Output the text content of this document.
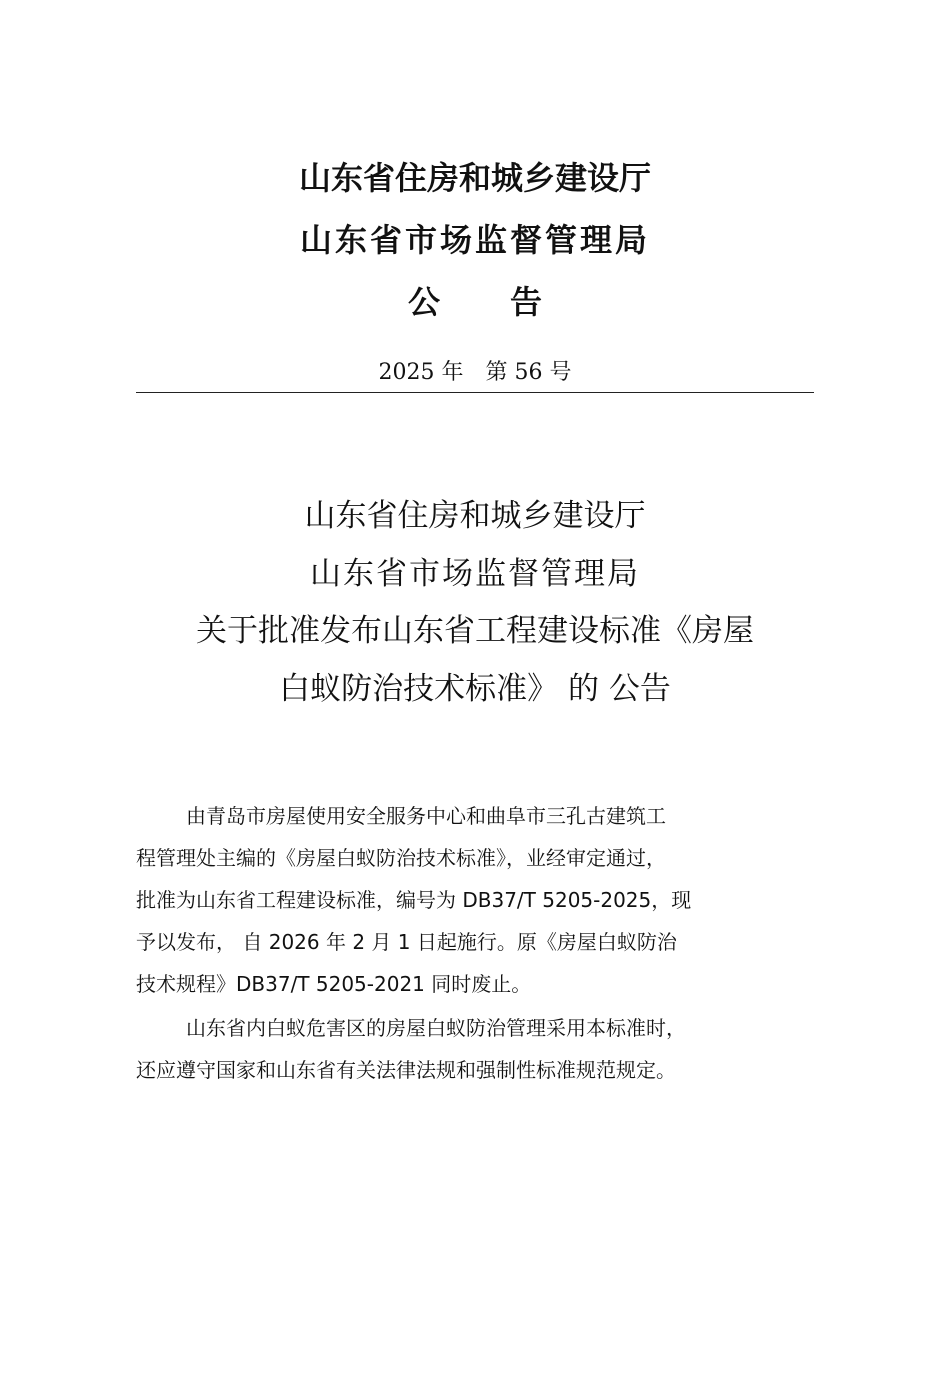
山东省住房和城乡建设厅
山东省市场监督管理局
公 告
2025 年 第 56 号
山东省住房和城乡建设厅
山东省市场监督管理局
关于批准发布山东省工程建设标准《房屋
白蚁防治技术标准》 的 公告
由青岛市房屋使用安全服务中心和曲阜市三孔古建筑工
程管理处主编的《房屋白蚁防治技术标准》，业经审定通过，
批准为山东省工程建设标准，编号为 DB37/T 5205-2025，现
予以发布， 自 2026 年 2 月 1 日起施行。原《房屋白蚁防治
技术规程》DB37/T 5205-2021 同时废止。
山东省内白蚁危害区的房屋白蚁防治管理采用本标准时，
还应遵守国家和山东省有关法律法规和强制性标准规范规定。
